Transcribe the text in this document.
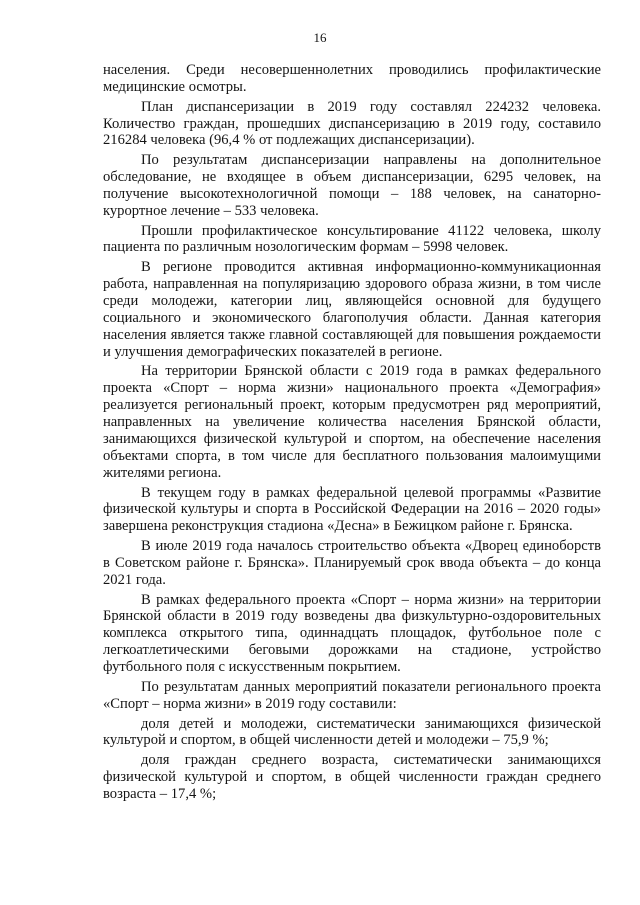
16

населения. Среди несовершеннолетних проводились профилактические медицинские осмотры.

План диспансеризации в 2019 году составлял 224232 человека. Количество граждан, прошедших диспансеризацию в 2019 году, составило 216284 человека (96,4 % от подлежащих диспансеризации).

По результатам диспансеризации направлены на дополнительное обследование, не входящее в объем диспансеризации, 6295 человек, на получение высокотехнологичной помощи – 188 человек, на санаторно-курортное лечение – 533 человека.

Прошли профилактическое консультирование 41122 человека, школу пациента по различным нозологическим формам – 5998 человек.

В регионе проводится активная информационно-коммуникационная работа, направленная на популяризацию здорового образа жизни, в том числе среди молодежи, категории лиц, являющейся основной для будущего социального и экономического благополучия области. Данная категория населения является также главной составляющей для повышения рождаемости и улучшения демографических показателей в регионе.

На территории Брянской области с 2019 года в рамках федерального проекта «Спорт – норма жизни» национального проекта «Демография» реализуется региональный проект, которым предусмотрен ряд мероприятий, направленных на увеличение количества населения Брянской области, занимающихся физической культурой и спортом, на обеспечение населения объектами спорта, в том числе для бесплатного пользования малоимущими жителями региона.

В текущем году в рамках федеральной целевой программы «Развитие физической культуры и спорта в Российской Федерации на 2016 – 2020 годы» завершена реконструкция стадиона «Десна» в Бежицком районе г. Брянска.

В июле 2019 года началось строительство объекта «Дворец единоборств в Советском районе г. Брянска». Планируемый срок ввода объекта – до конца 2021 года.

В рамках федерального проекта «Спорт – норма жизни» на территории Брянской области в 2019 году возведены два физкультурно-оздоровительных комплекса открытого типа, одиннадцать площадок, футбольное поле с легкоатлетическими беговыми дорожками на стадионе, устройство футбольного поля с искусственным покрытием.

По результатам данных мероприятий показатели регионального проекта «Спорт – норма жизни» в 2019 году составили:

доля детей и молодежи, систематически занимающихся физической культурой и спортом, в общей численности детей и молодежи – 75,9 %;

доля граждан среднего возраста, систематически занимающихся физической культурой и спортом, в общей численности граждан среднего возраста – 17,4 %;
